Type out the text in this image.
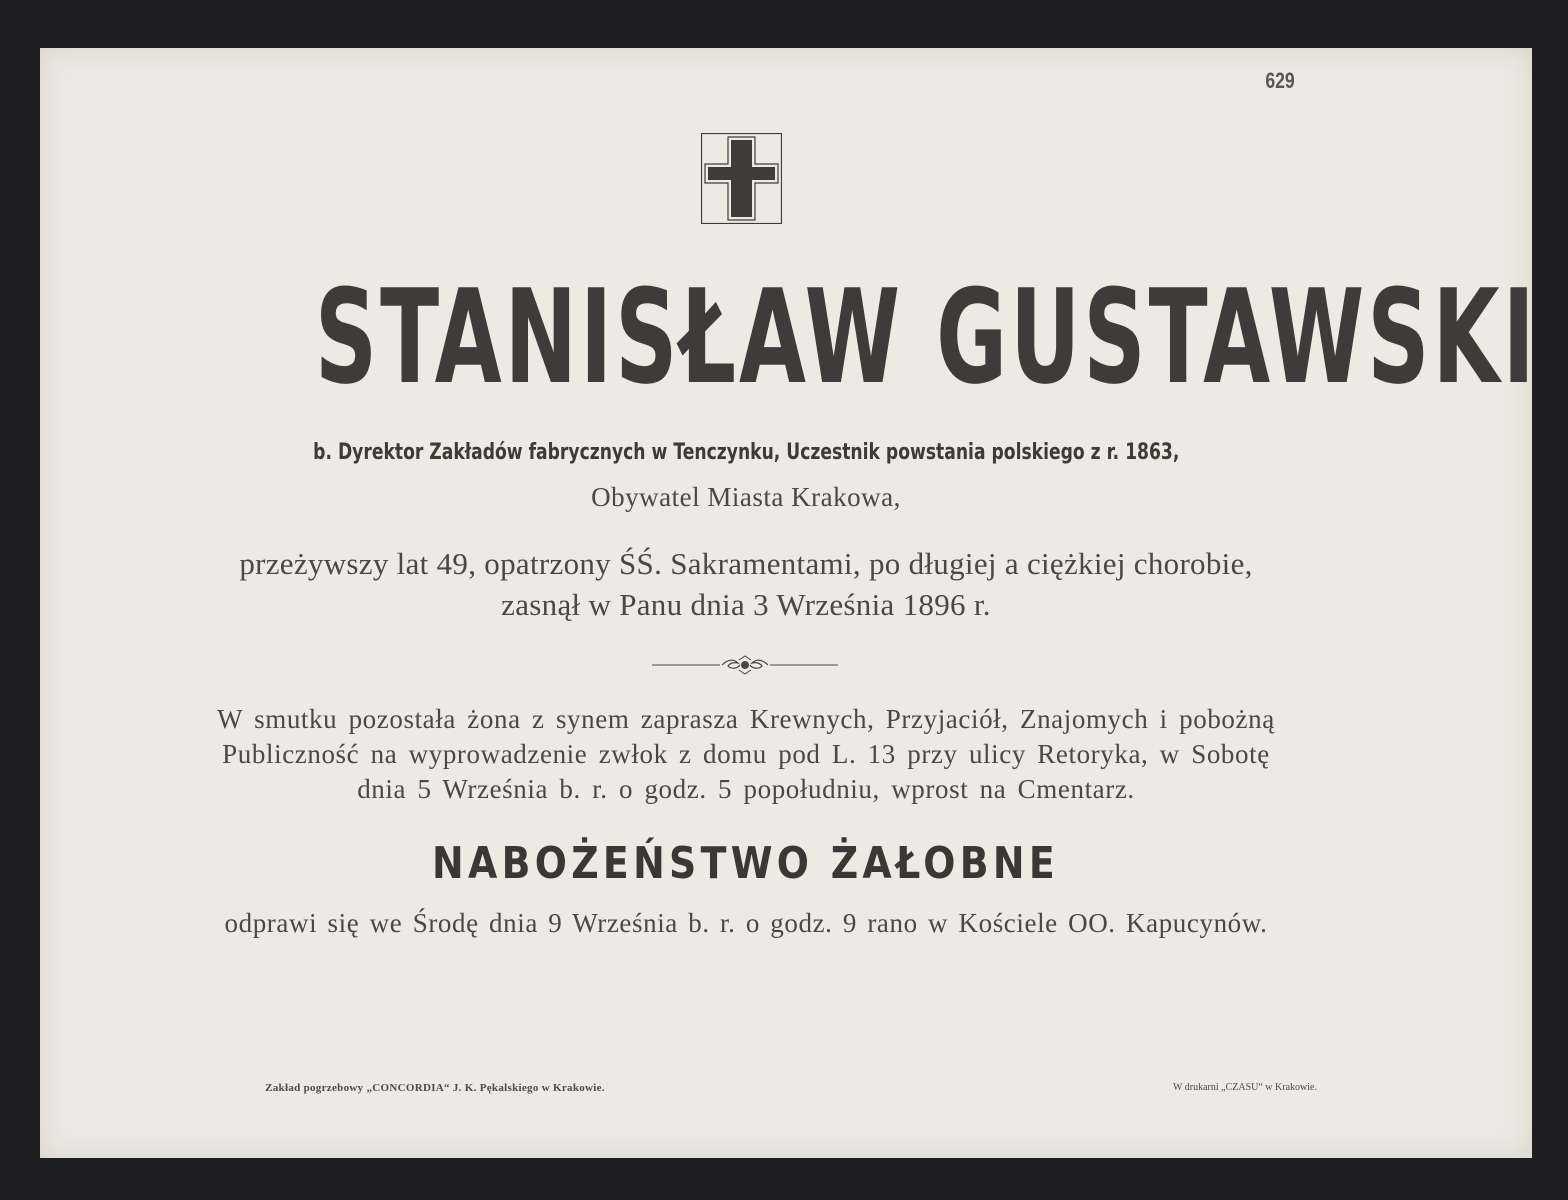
629
STANISŁAW GUSTAWSKI
b. Dyrektor Zakładów fabrycznych w Tenczynku, Uczestnik powstania polskiego z r. 1863,
Obywatel Miasta Krakowa,
przeżywszy lat 49, opatrzony ŚŚ. Sakramentami, po długiej a ciężkiej chorobie,
zasnął w Panu dnia 3 Września 1896 r.
W smutku pozostała żona z synem zaprasza Krewnych, Przyjaciół, Znajomych i pobożną
Publiczność na wyprowadzenie zwłok z domu pod L. 13 przy ulicy Retoryka, w Sobotę
dnia 5 Września b. r. o godz. 5 popołudniu, wprost na Cmentarz.
NABOŻEŃSTWO ŻAŁOBNE
odprawi się we Środę dnia 9 Września b. r. o godz. 9 rano w Kościele OO. Kapucynów.
Zakład pogrzebowy „CONCORDIA“ J. K. Pękalskiego w Krakowie.	W drukarni „CZASU“ w Krakowie.
